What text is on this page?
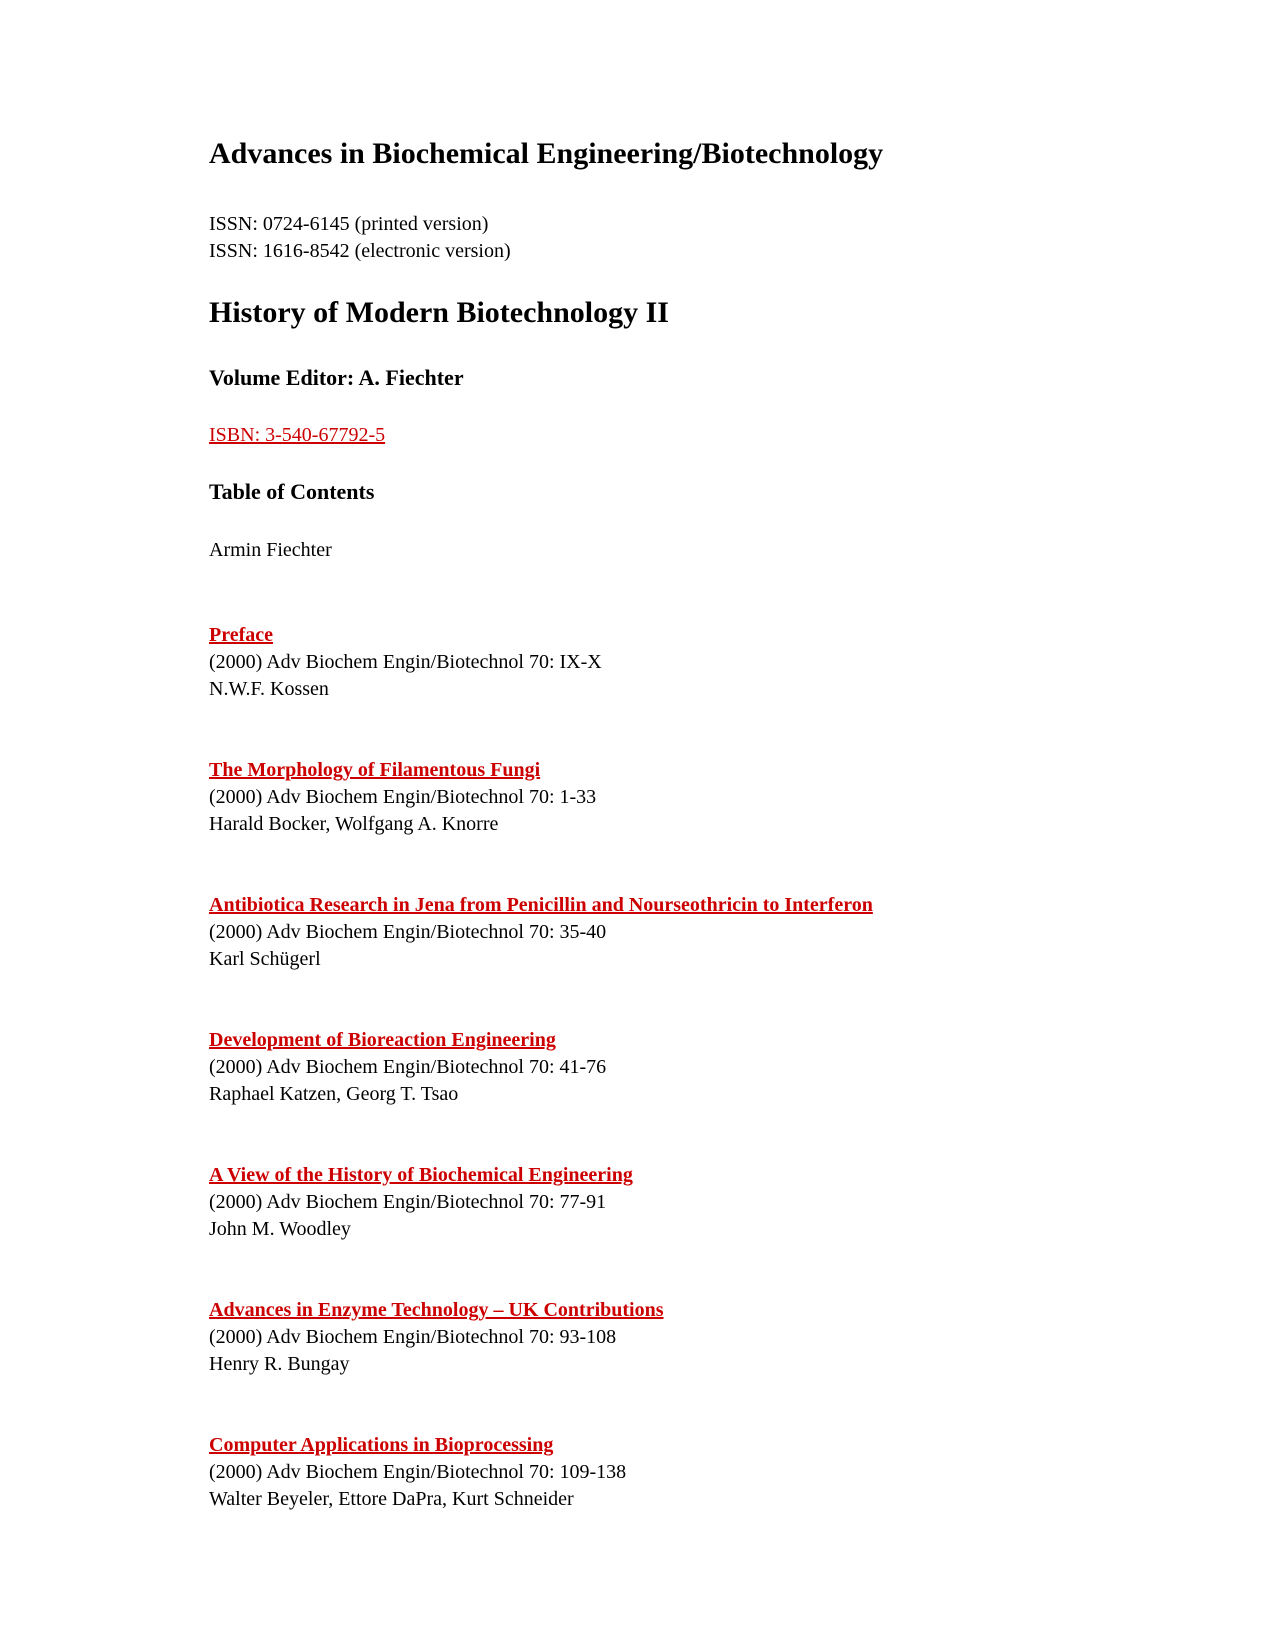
Advances in Biochemical Engineering/Biotechnology
ISSN: 0724-6145 (printed version)
ISSN: 1616-8542 (electronic version)
History of Modern Biotechnology II
Volume Editor: A. Fiechter

ISBN: 3-540-67792-5

Table of Contents

Armin Fiechter

Preface
(2000) Adv Biochem Engin/Biotechnol 70: IX-X
N.W.F. Kossen
The Morphology of Filamentous Fungi
(2000) Adv Biochem Engin/Biotechnol 70: 1-33
Harald Bocker, Wolfgang A. Knorre
Antibiotica Research in Jena from Penicillin and Nourseothricin to Interferon
(2000) Adv Biochem Engin/Biotechnol 70: 35-40
Karl Schügerl
Development of Bioreaction Engineering
(2000) Adv Biochem Engin/Biotechnol 70: 41-76
Raphael Katzen, Georg T. Tsao
A View of the History of Biochemical Engineering
(2000) Adv Biochem Engin/Biotechnol 70: 77-91
John M. Woodley
Advances in Enzyme Technology – UK Contributions
(2000) Adv Biochem Engin/Biotechnol 70: 93-108
Henry R. Bungay
Computer Applications in Bioprocessing
(2000) Adv Biochem Engin/Biotechnol 70: 109-138
Walter Beyeler, Ettore DaPra, Kurt Schneider
